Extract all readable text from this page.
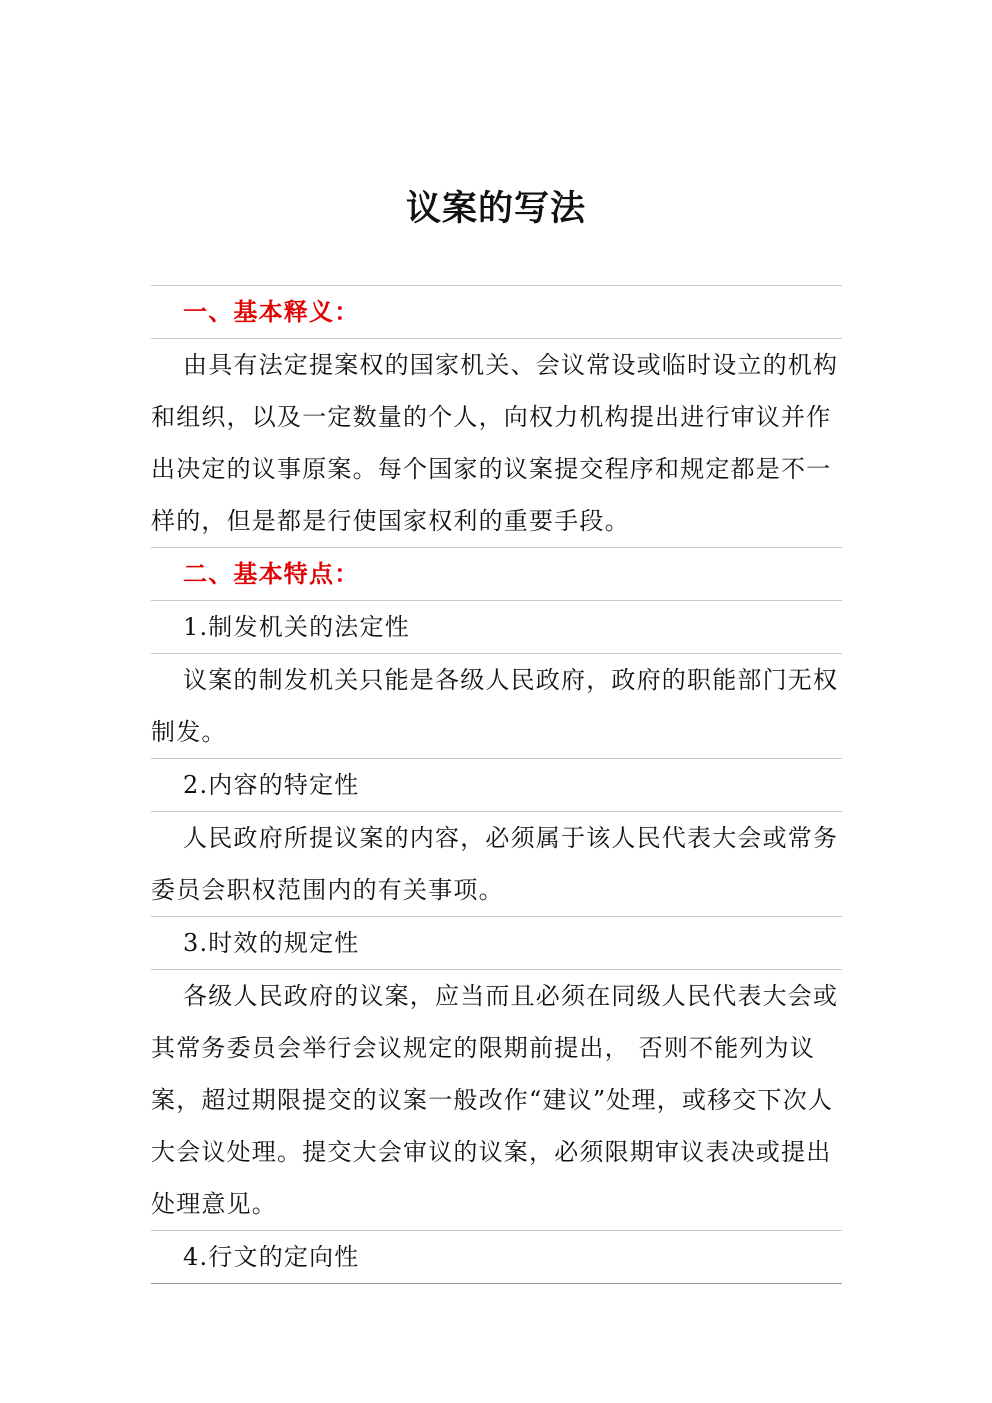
议案的写法

一、基本释义：

由具有法定提案权的国家机关、会议常设或临时设立的机构和组织，以及一定数量的个人，向权力机构提出进行审议并作出决定的议事原案。每个国家的议案提交程序和规定都是不一样的，但是都是行使国家权利的重要手段。

二、基本特点：

1.制发机关的法定性

议案的制发机关只能是各级人民政府，政府的职能部门无权制发。

2.内容的特定性

人民政府所提议案的内容，必须属于该人民代表大会或常务委员会职权范围内的有关事项。

3.时效的规定性

各级人民政府的议案，应当而且必须在同级人民代表大会或其常务委员会举行会议规定的限期前提出， 否则不能列为议案，超过期限提交的议案一般改作“建议”处理，或移交下次人大会议处理。提交大会审议的议案，必须限期审议表决或提出处理意见。

4.行文的定向性
